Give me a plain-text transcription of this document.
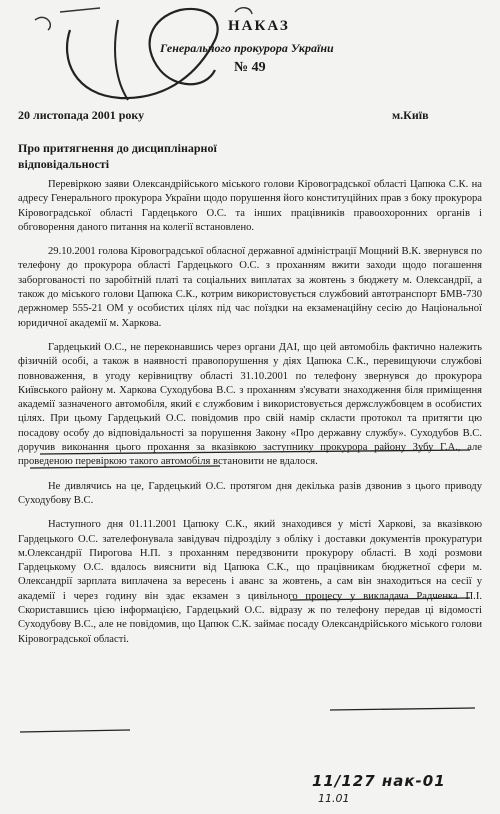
НАКАЗ
Генерального прокурора України
№ 49
20 листопада 2001 року	м.Київ
Про притягнення до дисциплінарної відповідальності

Перевіркою заяви Олександрійського міського голови Кіровоградської області Цапюка С.К. на адресу Генерального прокурора України щодо порушення його конституційних прав з боку прокурора Кіровоградської області Гардецького О.С. та інших працівників правоохоронних органів і обговорення даного питання на колегії встановлено.

29.10.2001 голова Кіровоградської обласної державної адміністрації Мощний В.К. звернувся по телефону до прокурора області Гардецького О.С. з проханням вжити заходи щодо погашення заборгованості по заробітній платі та соціальних виплатах за жовтень з бюджету м. Олександрії, а також до міського голови Цапюка С.К., котрим використовується службовий автотранспорт БМВ-730 держномер 555-21 ОМ у особистих цілях під час поїздки на екзаменаційну сесію до Національної юридичної академії м. Харкова.

Гардецький О.С., не переконавшись через органи ДАІ, що цей автомобіль фактично належить фізичній особі, а також в наявності правопорушення у діях Цапюка С.К., перевищуючи службові повноваження, в угоду керівництву області 31.10.2001 по телефону звернувся до прокурора Київського району м. Харкова Суходубова В.С. з проханням з'ясувати знаходження біля приміщення академії зазначеного автомобіля, який є службовим і використовується держслужбовцем в особистих цілях. При цьому Гардецький О.С. повідомив про свій намір скласти протокол та притягти цю посадову особу до відповідальності за порушення Закону «Про державну службу». Суходубов В.С. доручив виконання цього прохання за вказівкою заступнику прокурора району Зубу Г.А., але проведеною перевіркою такого автомобіля встановити не вдалося.

Не дивлячись на це, Гардецький О.С. протягом дня декілька разів дзвонив з цього приводу Суходубову В.С.

Наступного дня 01.11.2001 Цапюку С.К., який знаходився у місті Харкові, за вказівкою Гардецького О.С. зателефонувала завідувач підрозділу з обліку і доставки документів прокуратури м.Олександрії Пирогова Н.П. з проханням передзвонити прокурору області. В ході розмови Гардецькому О.С. вдалось вияснити від Цапюка С.К., що працівникам бюджетної сфери м. Олександрії зарплата виплачена за вересень і аванс за жовтень, а сам він знаходиться на сесії у академії і через годину він здає екзамен з цивільного процесу у викладача Радченка П.І. Скориставшись цією інформацією, Гардецький О.С. відразу ж по телефону передав ці відомості Суходубову В.С., але не повідомив, що Цапюк С.К. займає посаду Олександрійського міського голови Кіровоградської області.

11/127 нак-01
11.01
